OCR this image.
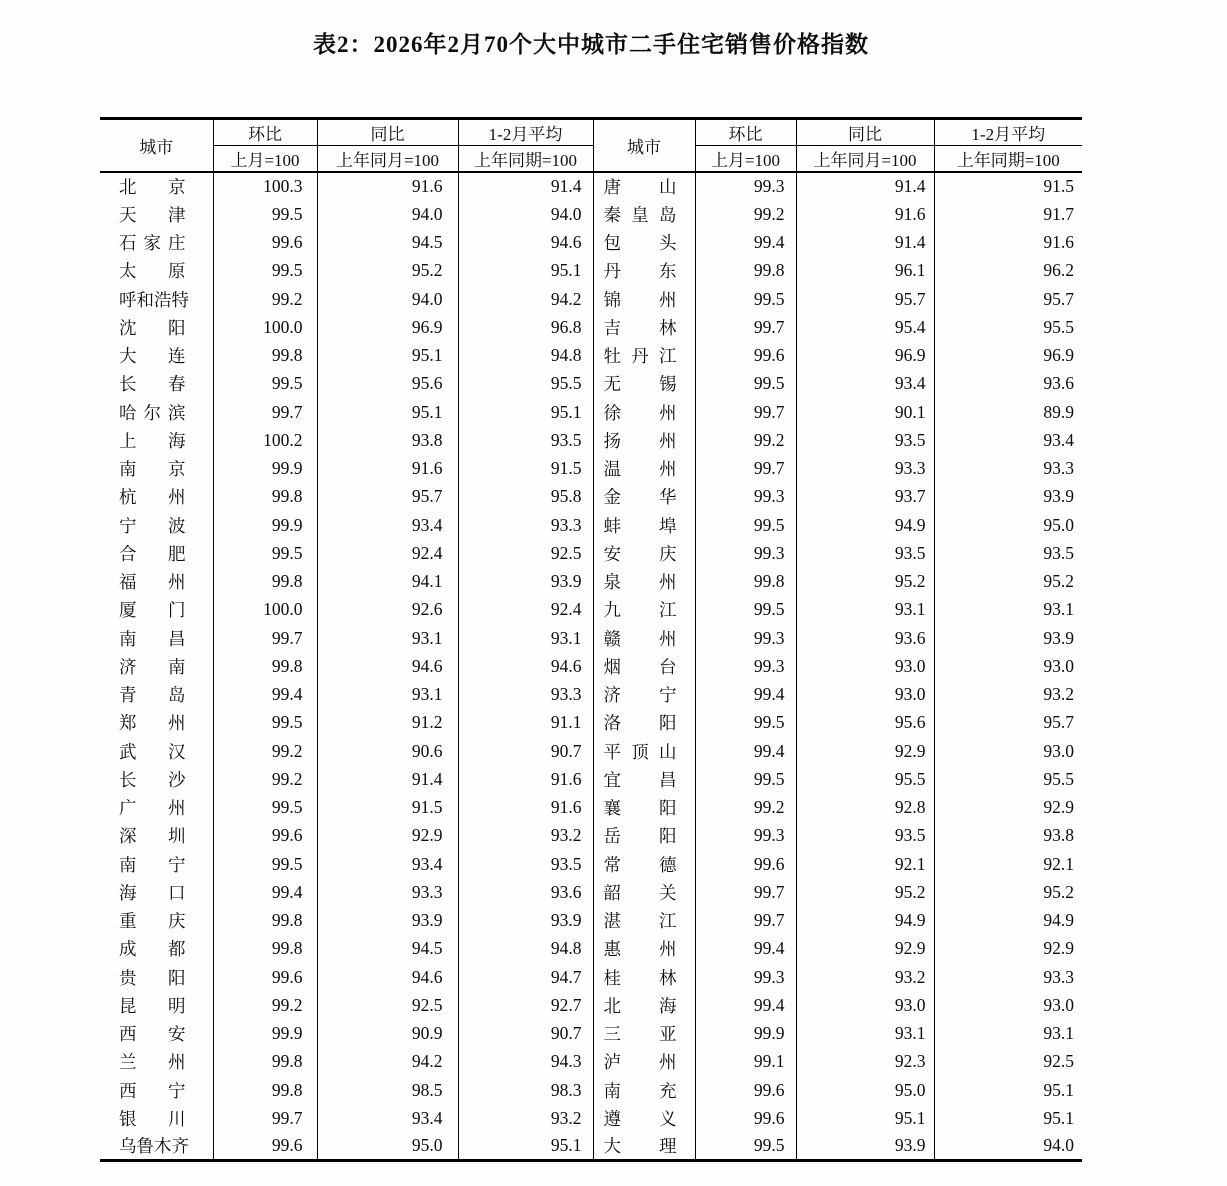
表2：2026年2月70个大中城市二手住宅销售价格指数
城市	环比	同比	1-2月平均	城市	环比	同比	1-2月平均
	上月=100	上年同月=100	上年同期=100		上月=100	上年同月=100	上年同期=100

北 京	100.3	91.6	91.4	唐 山	99.3	91.4	91.5

天 津	99.5	94.0	94.0	秦 皇 岛	99.2	91.6	91.7

石 家 庄	99.6	94.5	94.6	包 头	99.4	91.4	91.6

太 原	99.5	95.2	95.1	丹 东	99.8	96.1	96.2

呼 和 浩 特	99.2	94.0	94.2	锦 州	99.5	95.7	95.7

沈 阳	100.0	96.9	96.8	吉 林	99.7	95.4	95.5

大 连	99.8	95.1	94.8	牡 丹 江	99.6	96.9	96.9

长 春	99.5	95.6	95.5	无 锡	99.5	93.4	93.6

哈 尔 滨	99.7	95.1	95.1	徐 州	99.7	90.1	89.9

上 海	100.2	93.8	93.5	扬 州	99.2	93.5	93.4

南 京	99.9	91.6	91.5	温 州	99.7	93.3	93.3

杭 州	99.8	95.7	95.8	金 华	99.3	93.7	93.9

宁 波	99.9	93.4	93.3	蚌 埠	99.5	94.9	95.0

合 肥	99.5	92.4	92.5	安 庆	99.3	93.5	93.5

福 州	99.8	94.1	93.9	泉 州	99.8	95.2	95.2

厦 门	100.0	92.6	92.4	九 江	99.5	93.1	93.1

南 昌	99.7	93.1	93.1	赣 州	99.3	93.6	93.9

济 南	99.8	94.6	94.6	烟 台	99.3	93.0	93.0

青 岛	99.4	93.1	93.3	济 宁	99.4	93.0	93.2

郑 州	99.5	91.2	91.1	洛 阳	99.5	95.6	95.7

武 汉	99.2	90.6	90.7	平 顶 山	99.4	92.9	93.0

长 沙	99.2	91.4	91.6	宜 昌	99.5	95.5	95.5

广 州	99.5	91.5	91.6	襄 阳	99.2	92.8	92.9

深 圳	99.6	92.9	93.2	岳 阳	99.3	93.5	93.8

南 宁	99.5	93.4	93.5	常 德	99.6	92.1	92.1

海 口	99.4	93.3	93.6	韶 关	99.7	95.2	95.2

重 庆	99.8	93.9	93.9	湛 江	99.7	94.9	94.9

成 都	99.8	94.5	94.8	惠 州	99.4	92.9	92.9

贵 阳	99.6	94.6	94.7	桂 林	99.3	93.2	93.3

昆 明	99.2	92.5	92.7	北 海	99.4	93.0	93.0

西 安	99.9	90.9	90.7	三 亚	99.9	93.1	93.1

兰 州	99.8	94.2	94.3	泸 州	99.1	92.3	92.5

西 宁	99.8	98.5	98.3	南 充	99.6	95.0	95.1

银 川	99.7	93.4	93.2	遵 义	99.6	95.1	95.1

乌 鲁 木 齐	99.6	95.0	95.1	大 理	99.5	93.9	94.0
